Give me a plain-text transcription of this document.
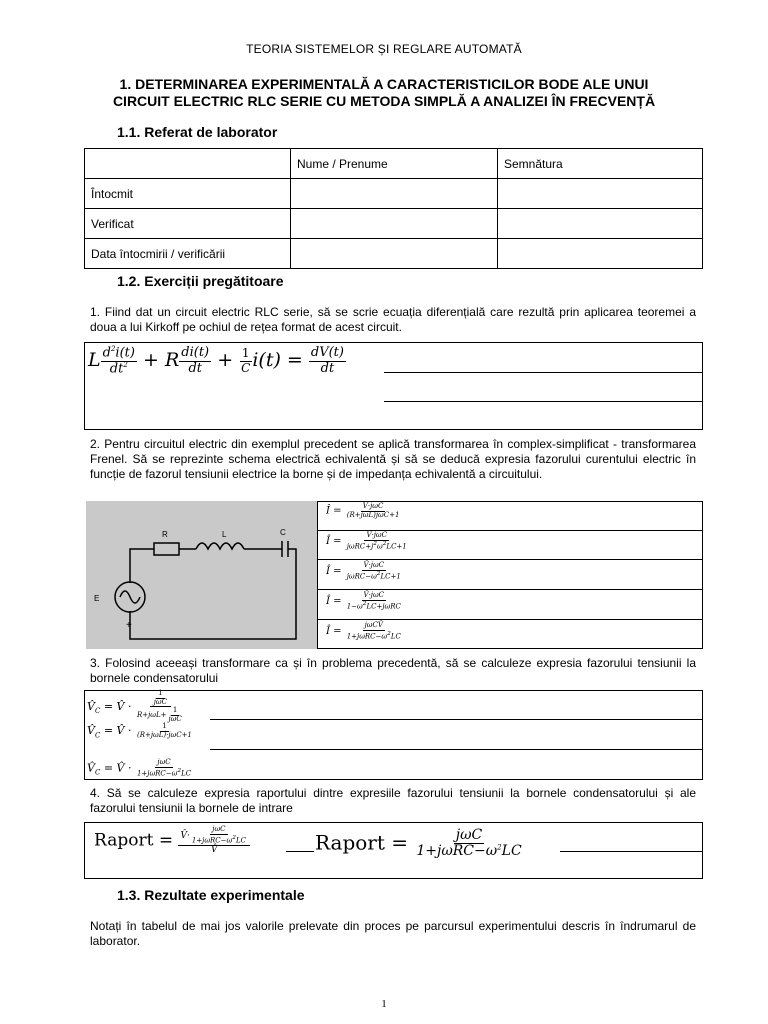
TEORIA SISTEMELOR ȘI REGLARE AUTOMATĂ
1. DETERMINAREA EXPERIMENTALĂ A CARACTERISTICILOR BODE ALE UNUI
CIRCUIT ELECTRIC RLC SERIE CU METODA SIMPLĂ A ANALIZEI ÎN FRECVENȚĂ
1.1. Referat de laborator
	Nume / Prenume	Semnătura
Întocmit		
Verificat		
Data întocmirii / verificării		
1.2. Exerciții pregătitoare
1. Fiind dat un circuit electric RLC serie, să se scrie ecuația diferențială care rezultă prin aplicarea teoremei a doua a lui Kirkoff pe ochiul de rețea format de acest circuit.
L $\frac{d^2i(t)}{dt^2} + R \frac{di(t)}{dt} + \frac{1}{C} i(t) = \frac{dV(t)}{dt}$
2. Pentru circuitul electric din exemplul precedent se aplică transformarea în complex-simplificat - transformarea Frenel. Să se reprezinte schema electrică echivalentă și să se deducă expresia fazorului curentului electric în funcție de fazorul tensiunii electrice la borne și de impedanța echivalentă a circuitului.
R	L	C
E
+
Î = $\frac{\text{V·jωC}}{\text{(R+jωL)jωC+1}}$
Î = $\frac{\text{V̂·jωC}}{j\omega RC+j^2\omega^2LC+1}$
Î = $\frac{\text{V̂·jωC}}{j\omega RC-\omega^2LC+1}$
Î = $\frac{\text{V̂·jωC}}{1-\omega^2LC+j\omega RC}$
Î = $\frac{\text{jωCV̂}}{1+j\omega RC-\omega^2LC}$
3. Folosind aceeași transformare ca și în problema precedentă, să se calculeze expresia fazorului tensiunii la bornele condensatorului
$V̂_C$ = V̂ · $\frac{\frac{1}{\text{jωC}}}{R+j\omega L+ \frac{1}{\text{jωC}}}$
$V̂_C$ = V̂ · $\frac{1}{\text{(R+jωL)·jωC+1}}$
$V̂_C$ = V̂ · $\frac{\text{jωC}}{1+j\omega RC-\omega^2LC}$
4. Să se calculeze expresia raportului dintre expresiile fazorului tensiunii la bornele condensatorului și ale fazorului tensiunii la bornele de intrare
Raport = $\frac{V̂\cdot \frac{\text{jωC}}{1+j\omega RC-\omega^2LC}}{V̂}$	Raport = $\frac{\text{jωC}}{1+j\omega RC-\omega^2LC}$
1.3. Rezultate experimentale
Notați în tabelul de mai jos valorile prelevate din proces pe parcursul experimentului descris în îndrumarul de laborator.
1
